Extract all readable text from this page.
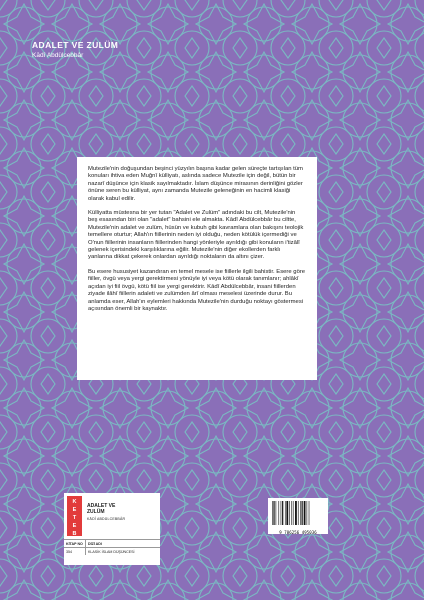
ADALET VE ZULÜM
Kādî Abdülcebbâr

Mutezile'nin doğuşundan beşinci yüzyılın başına kadar gelen süreçte tartışılan tüm konuları ihtiva eden Muğnî külliyatı, aslında sadece Mutezile için değil, bütün bir nazarî düşünce için klasik sayılmaktadır. İslam düşünce mirasının derinliğini gözler önüne seren bu külliyat, aynı zamanda Mutezile geleneğinin en hacimli klasiği olarak kabul edilir.

Külliyatta müstesna bir yer tutan "Adalet ve Zulüm" adındaki bu cilt, Mutezile'nin beş esasından biri olan "adalet" bahsini ele almakta. Kādî Abdülcebbâr bu ciltte, Mutezile'nin adalet ve zulüm, hüsün ve kubuh gibi kavramlara olan bakışını teolojik temellere oturtur; Allah'ın fiillerinin neden iyi olduğu, neden kötülük içermediği ve O'nun fiillerinin insanların fiillerinden hangi yönleriyle ayrıldığı gibi konuların i'tizâlî gelenek içerisindeki karşılıklarına eğilir. Mutezile'nin diğer ekollerden farklı yanlarına dikkat çekerek onlardan ayrıldığı noktaların da altını çizer.

Bu esere hususiyet kazandıran en temel mesele ise fiillerle ilgili bahistir. Esere göre fiiller, övgü veya yergi gerektirmesi yönüyle iyi veya kötü olarak tanımlanır; ahlâkî açıdan iyi fiil övgü, kötü fiil ise yergi gerektirir. Kādî Abdülcebbâr, insani fiillerden ziyade ilâhî fiillerin adaleti ve zulümden ârî olması meselesi üzerinde durur. Bu anlamda eser, Allah'ın eylemleri hakkında Mutezile'nin durduğu noktayı göstermesi açısından önemli bir kaynaktır.

K
E
T
E
B
ADALET VE
ZULÜM
KĀDÎ ABDÜLCEBBÂR
KİTAP NO	DİZİ ADI
354	KLASİK İSLAM DÜŞÜNCESİ
9 786256 495036
